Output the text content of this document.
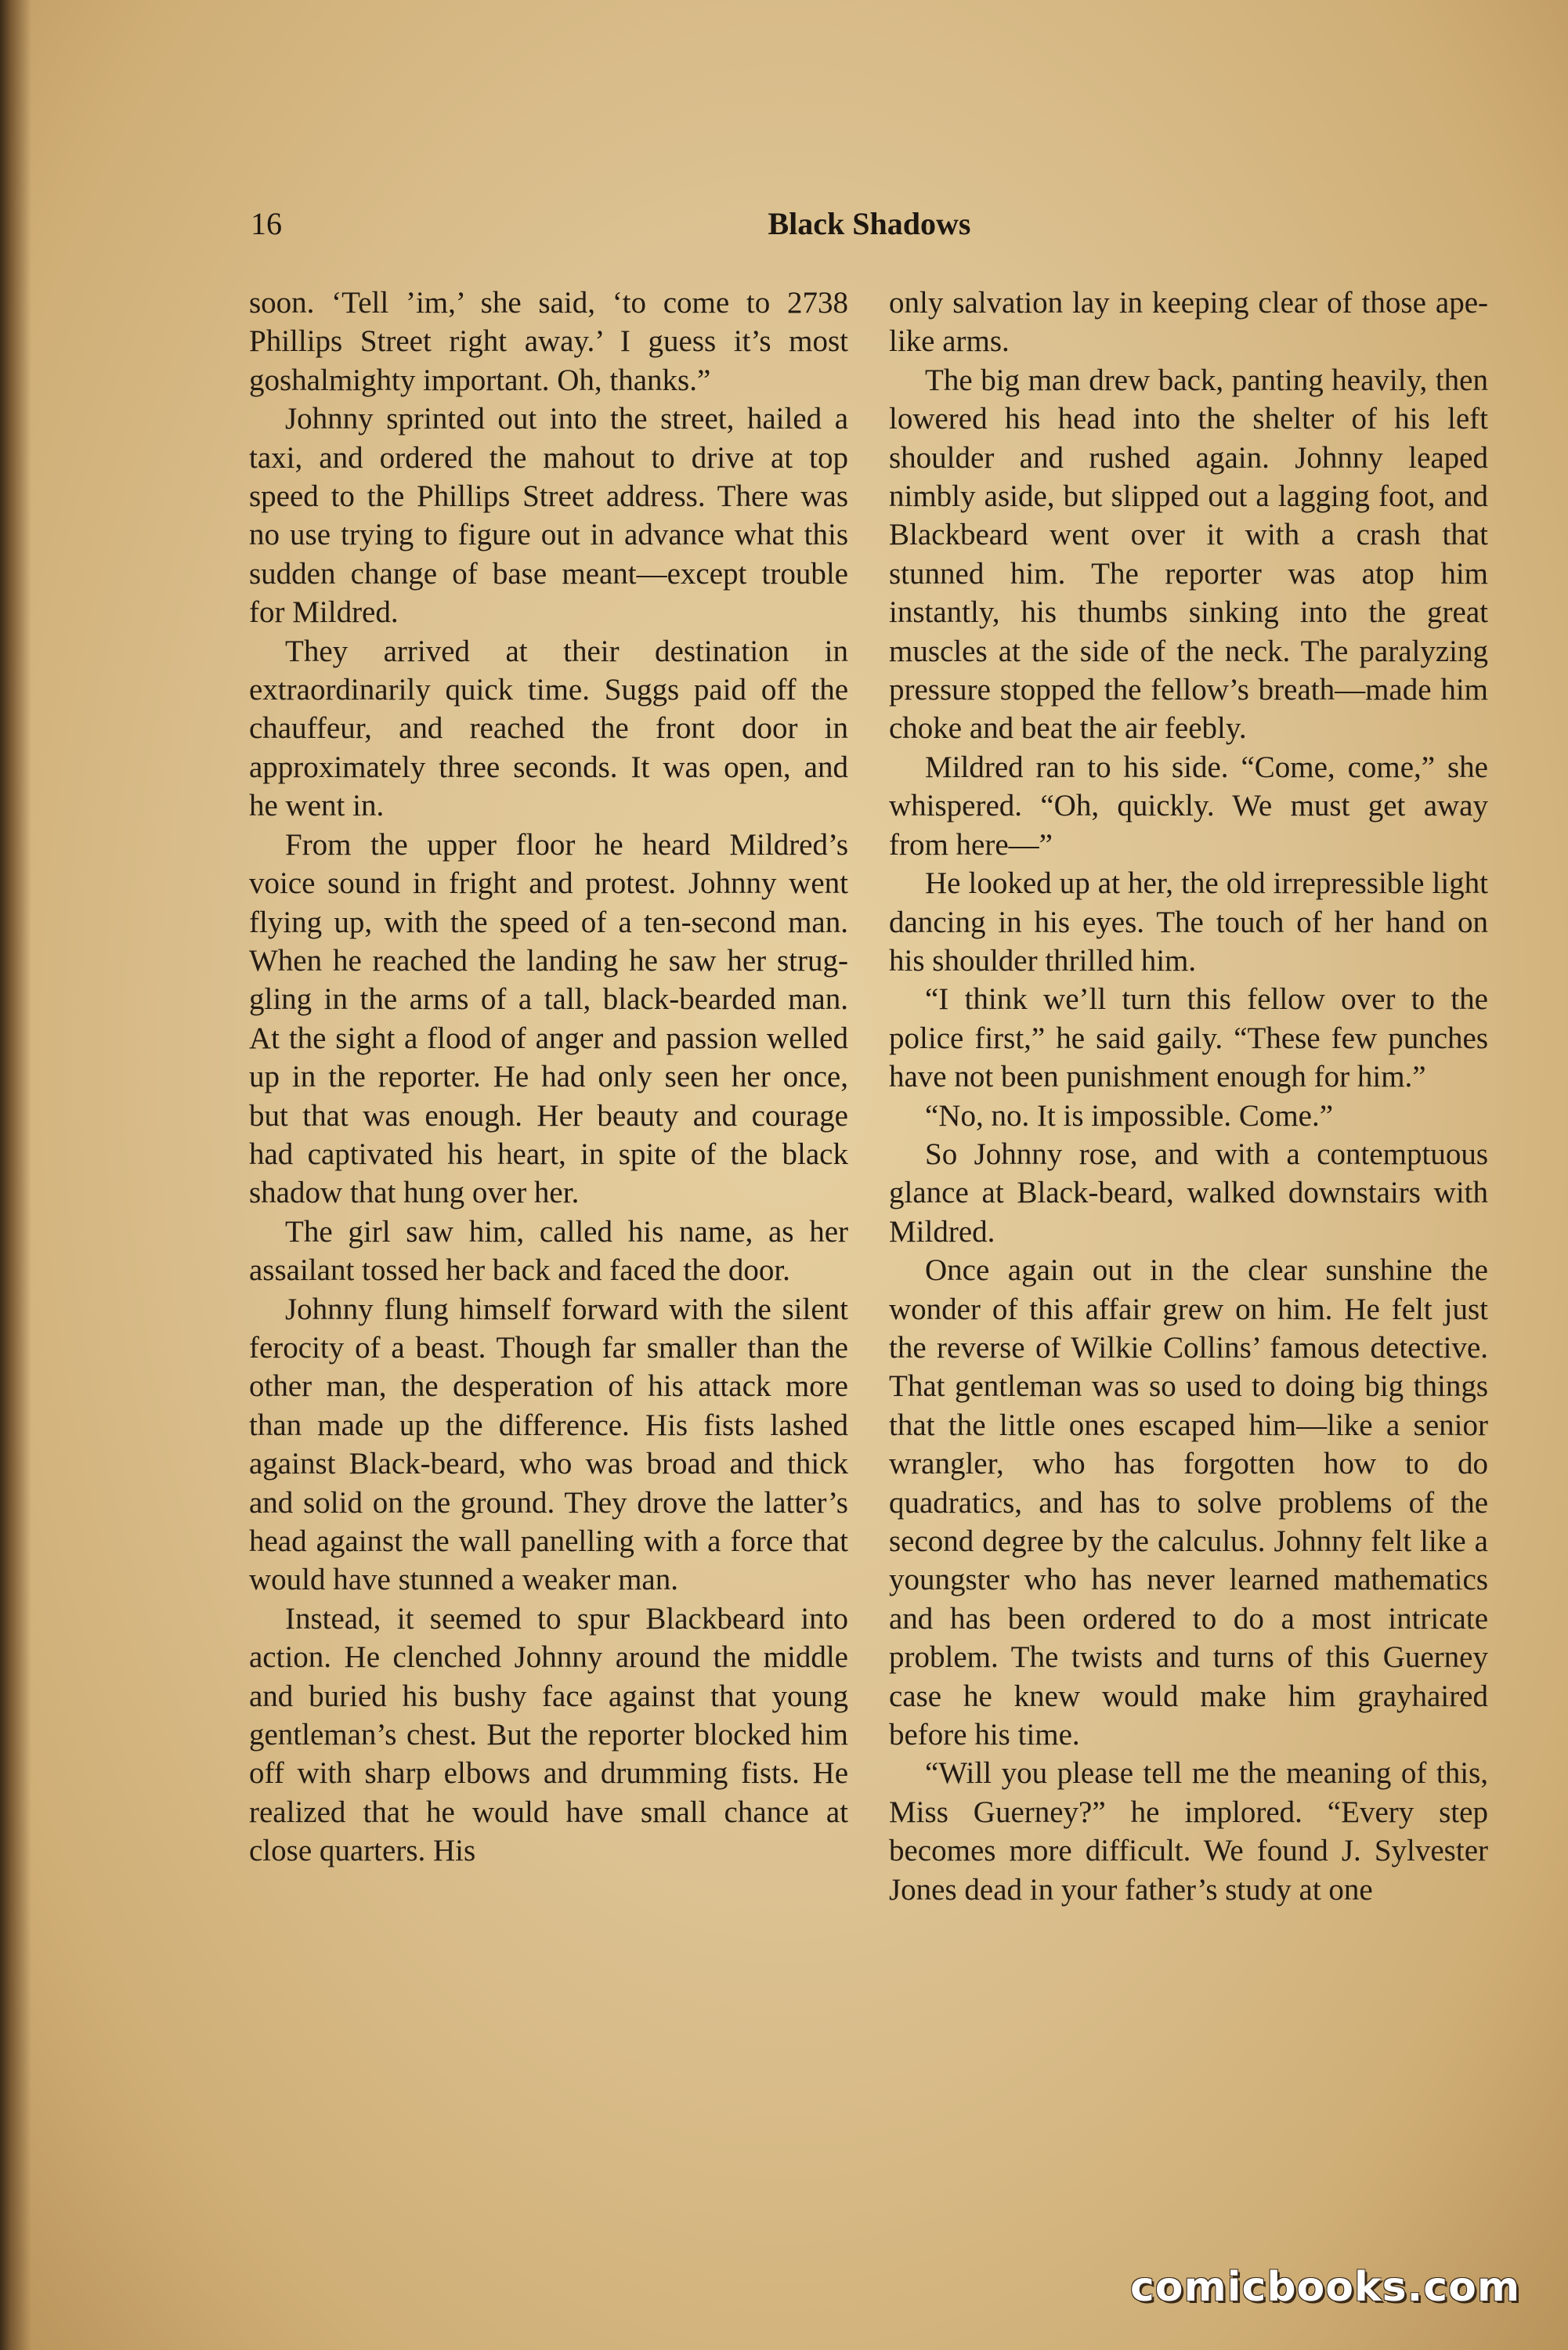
16	Black Shadows

soon. ‘Tell ’im,’ she said, ‘to come to 2738 Phillips Street right away.’ I guess it’s most goshalmighty important. Oh, thanks.”

Johnny sprinted out into the street, hailed a taxi, and ordered the mahout to drive at top speed to the Phillips Street address. There was no use trying to figure out in advance what this sudden change of base meant—except trouble for Mildred.

They arrived at their destination in extraordinarily quick time. Suggs paid off the chauffeur, and reached the front door in approximately three seconds. It was open, and he went in.

From the upper floor he heard Mildred’s voice sound in fright and protest. Johnny went flying up, with the speed of a ten-second man. When he reached the landing he saw her struggling in the arms of a tall, black-bearded man. At the sight a flood of anger and passion welled up in the reporter. He had only seen her once, but that was enough. Her beauty and courage had captivated his heart, in spite of the black shadow that hung over her.

The girl saw him, called his name, as her assailant tossed her back and faced the door.

Johnny flung himself forward with the silent ferocity of a beast. Though far smaller than the other man, the desperation of his attack more than made up the difference. His fists lashed against Black-beard, who was broad and thick and solid on the ground. They drove the latter’s head against the wall panelling with a force that would have stunned a weaker man.

Instead, it seemed to spur Blackbeard into action. He clenched Johnny around the middle and buried his bushy face against that young gentleman’s chest. But the reporter blocked him off with sharp elbows and drumming fists. He realized that he would have small chance at close quarters. His

only salvation lay in keeping clear of those ape-like arms.

The big man drew back, panting heavily, then lowered his head into the shelter of his left shoulder and rushed again. Johnny leaped nimbly aside, but slipped out a lagging foot, and Blackbeard went over it with a crash that stunned him. The reporter was atop him instantly, his thumbs sinking into the great muscles at the side of the neck. The paralyzing pressure stopped the fellow’s breath—made him choke and beat the air feebly.

Mildred ran to his side. “Come, come,” she whispered. “Oh, quickly. We must get away from here—”

He looked up at her, the old irrepressible light dancing in his eyes. The touch of her hand on his shoulder thrilled him.

“I think we’ll turn this fellow over to the police first,” he said gaily. “These few punches have not been punishment enough for him.”

“No, no. It is impossible. Come.”

So Johnny rose, and with a contemptuous glance at Black-beard, walked downstairs with Mildred.

Once again out in the clear sunshine the wonder of this affair grew on him. He felt just the reverse of Wilkie Collins’ famous detective. That gentleman was so used to doing big things that the little ones escaped him—like a senior wrangler, who has forgotten how to do quadratics, and has to solve problems of the second degree by the calculus. Johnny felt like a youngster who has never learned mathematics and has been ordered to do a most intricate problem. The twists and turns of this Guerney case he knew would make him grayhaired before his time.

“Will you please tell me the meaning of this, Miss Guerney?” he implored. “Every step becomes more difficult. We found J. Sylvester Jones dead in your father’s study at one

comicbooks.com
